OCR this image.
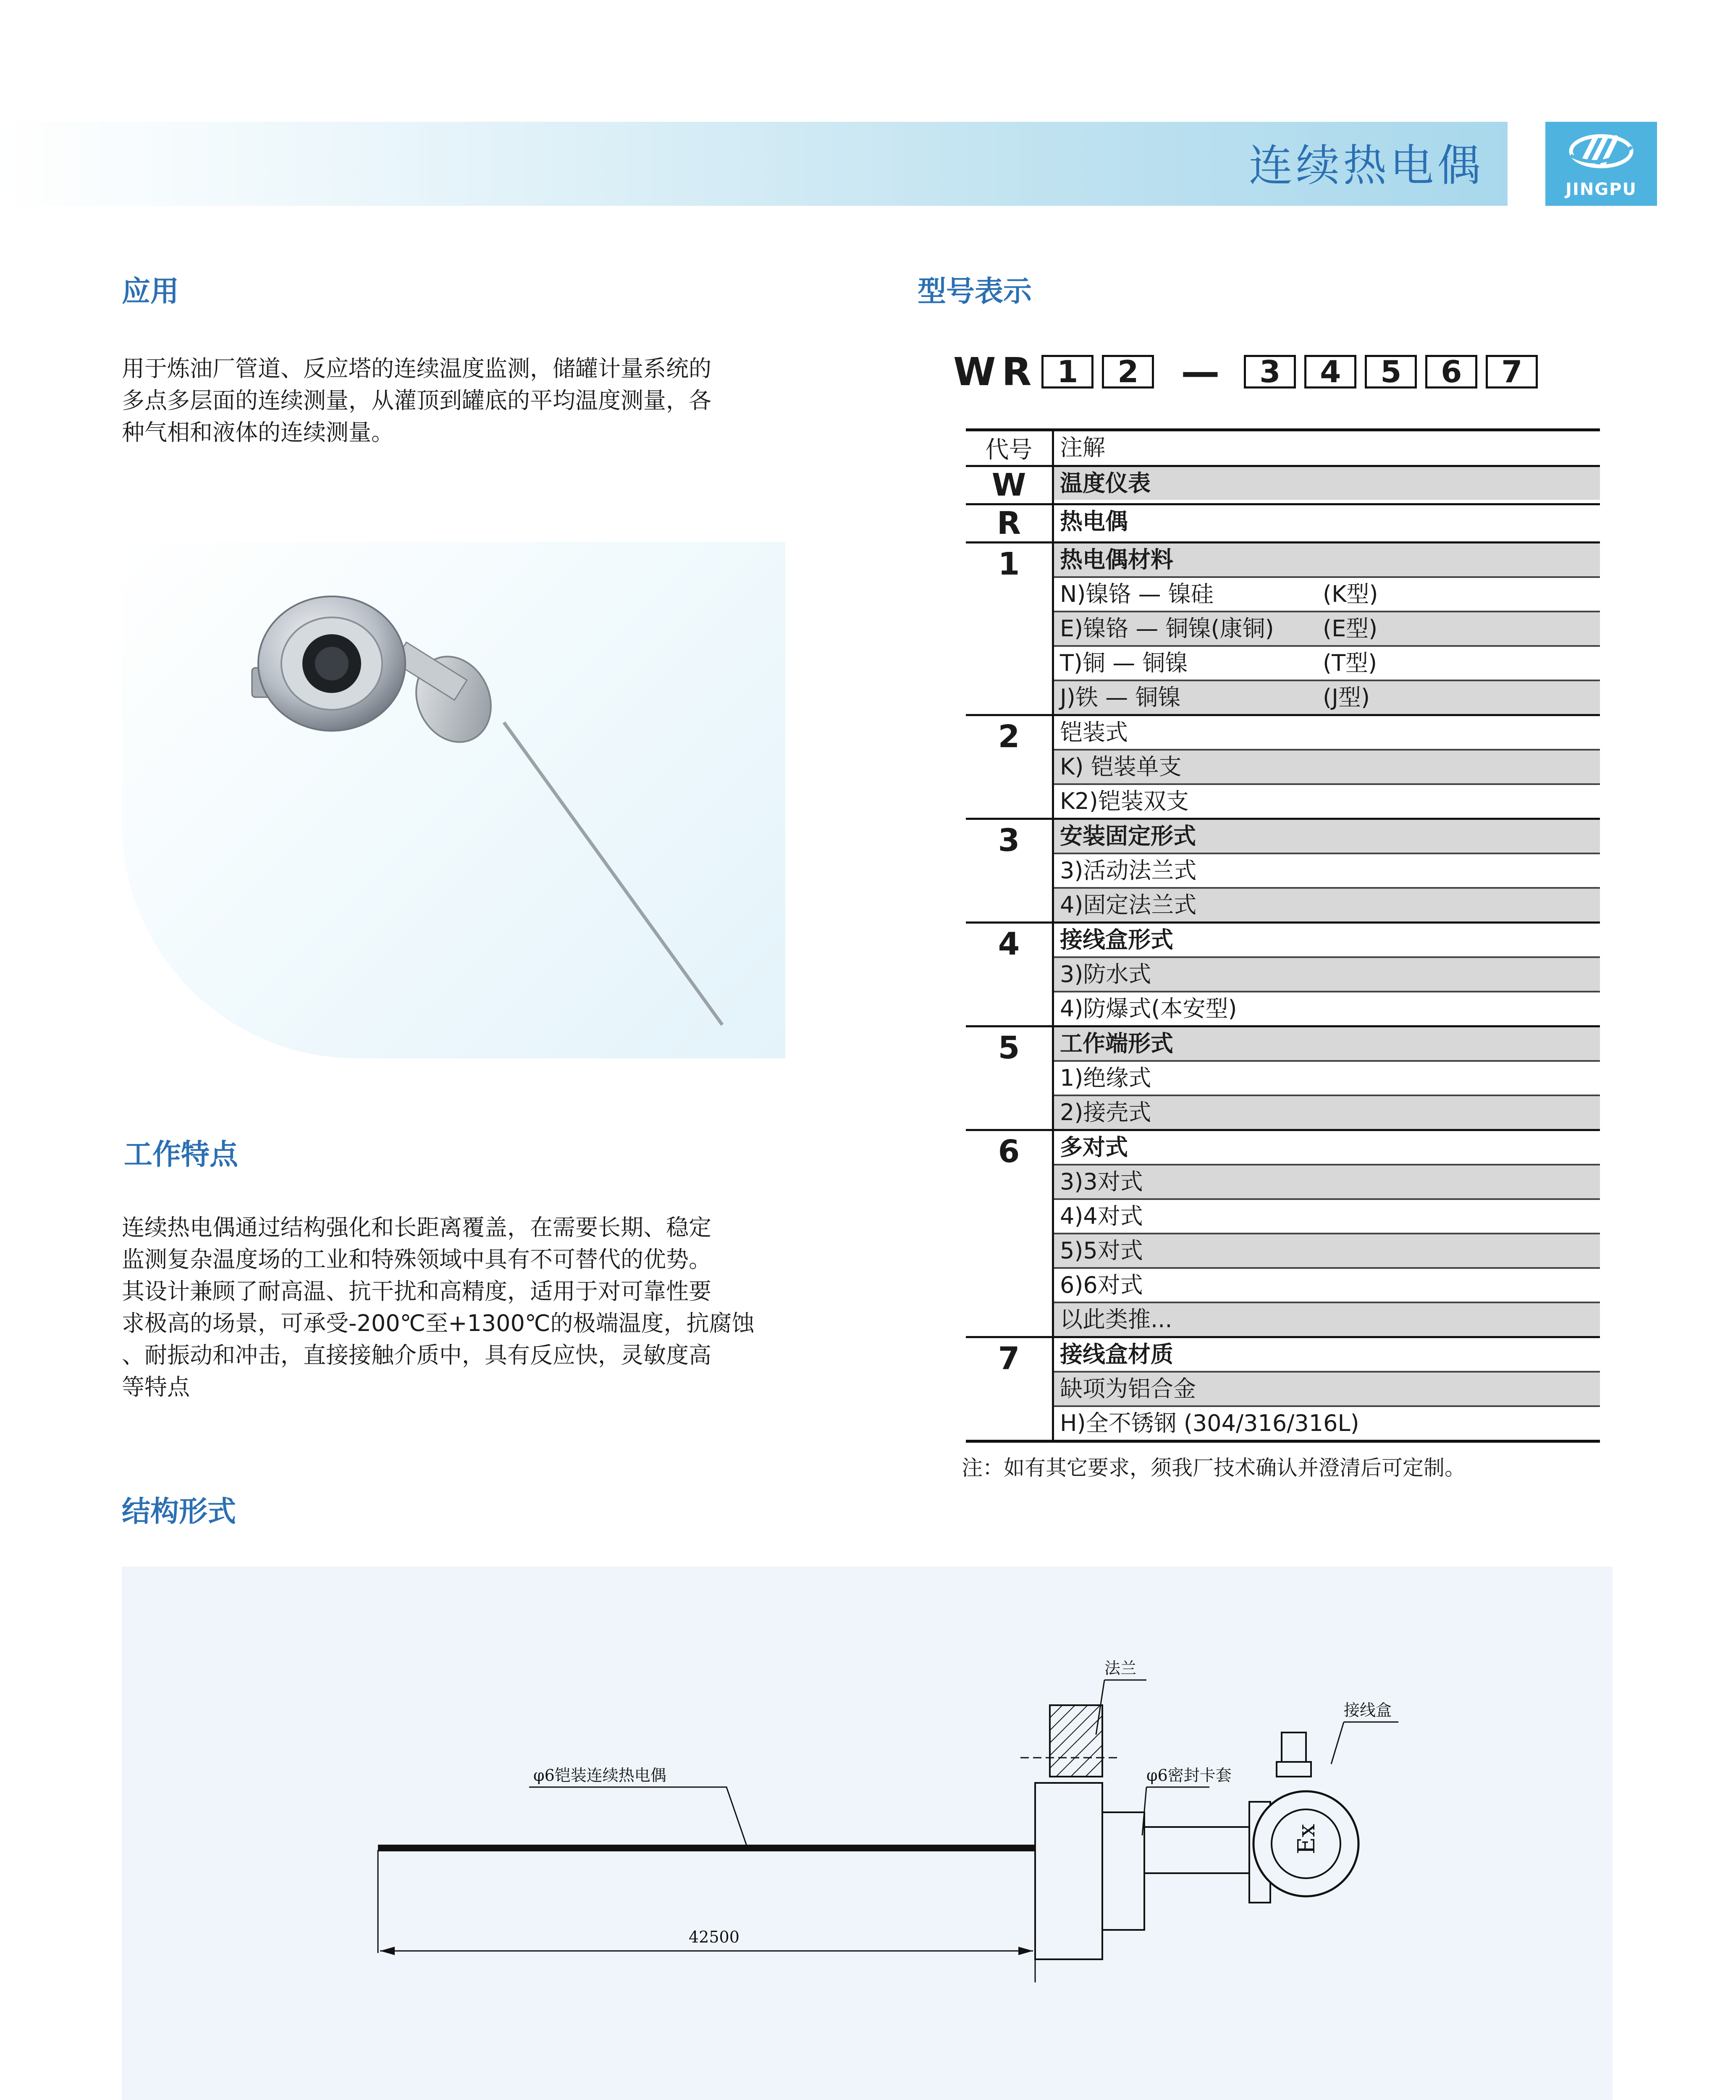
连续热电偶	JINGPU
应用
用于炼油厂管道、反应塔的连续温度监测，储罐计量系统的
多点多层面的连续测量，从灌顶到罐底的平均温度测量，各
种气相和液体的连续测量。
工作特点
连续热电偶通过结构强化和长距离覆盖，在需要长期、稳定
监测复杂温度场的工业和特殊领域中具有不可替代的优势。
其设计兼顾了耐高温、抗干扰和高精度，适用于对可靠性要
求极高的场景，可承受-200℃至+1300℃的极端温度，抗腐蚀
、耐振动和冲击，直接接触介质中，具有反应快，灵敏度高
等特点
型号表示
WR 1	2	—	3	4	5	6	7
代号	注解
W	温度仪表
R	热电偶
1	热电偶材料
N)镍铬 — 镍硅	(K型)
E)镍铬 — 铜镍(康铜) (E型)
T)铜 — 铜镍	(T型)
J)铁 — 铜镍	(J型)
2	铠装式
K) 铠装单支
K2)铠装双支
3	安装固定形式
3)活动法兰式
4)固定法兰式
4	接线盒形式
3)防水式
4)防爆式(本安型)
5	工作端形式
1)绝缘式
2)接壳式
6	多对式
3)3对式
4)4对式
5)5对式
6)6对式
以此类推...
7	接线盒材质
缺项为铝合金
H)全不锈钢 (304/316/316L)
注：如有其它要求，须我厂技术确认并澄清后可定制。
结构形式
φ6铠装连续热电偶
法兰
φ6密封卡套
接线盒
42500
Ex
